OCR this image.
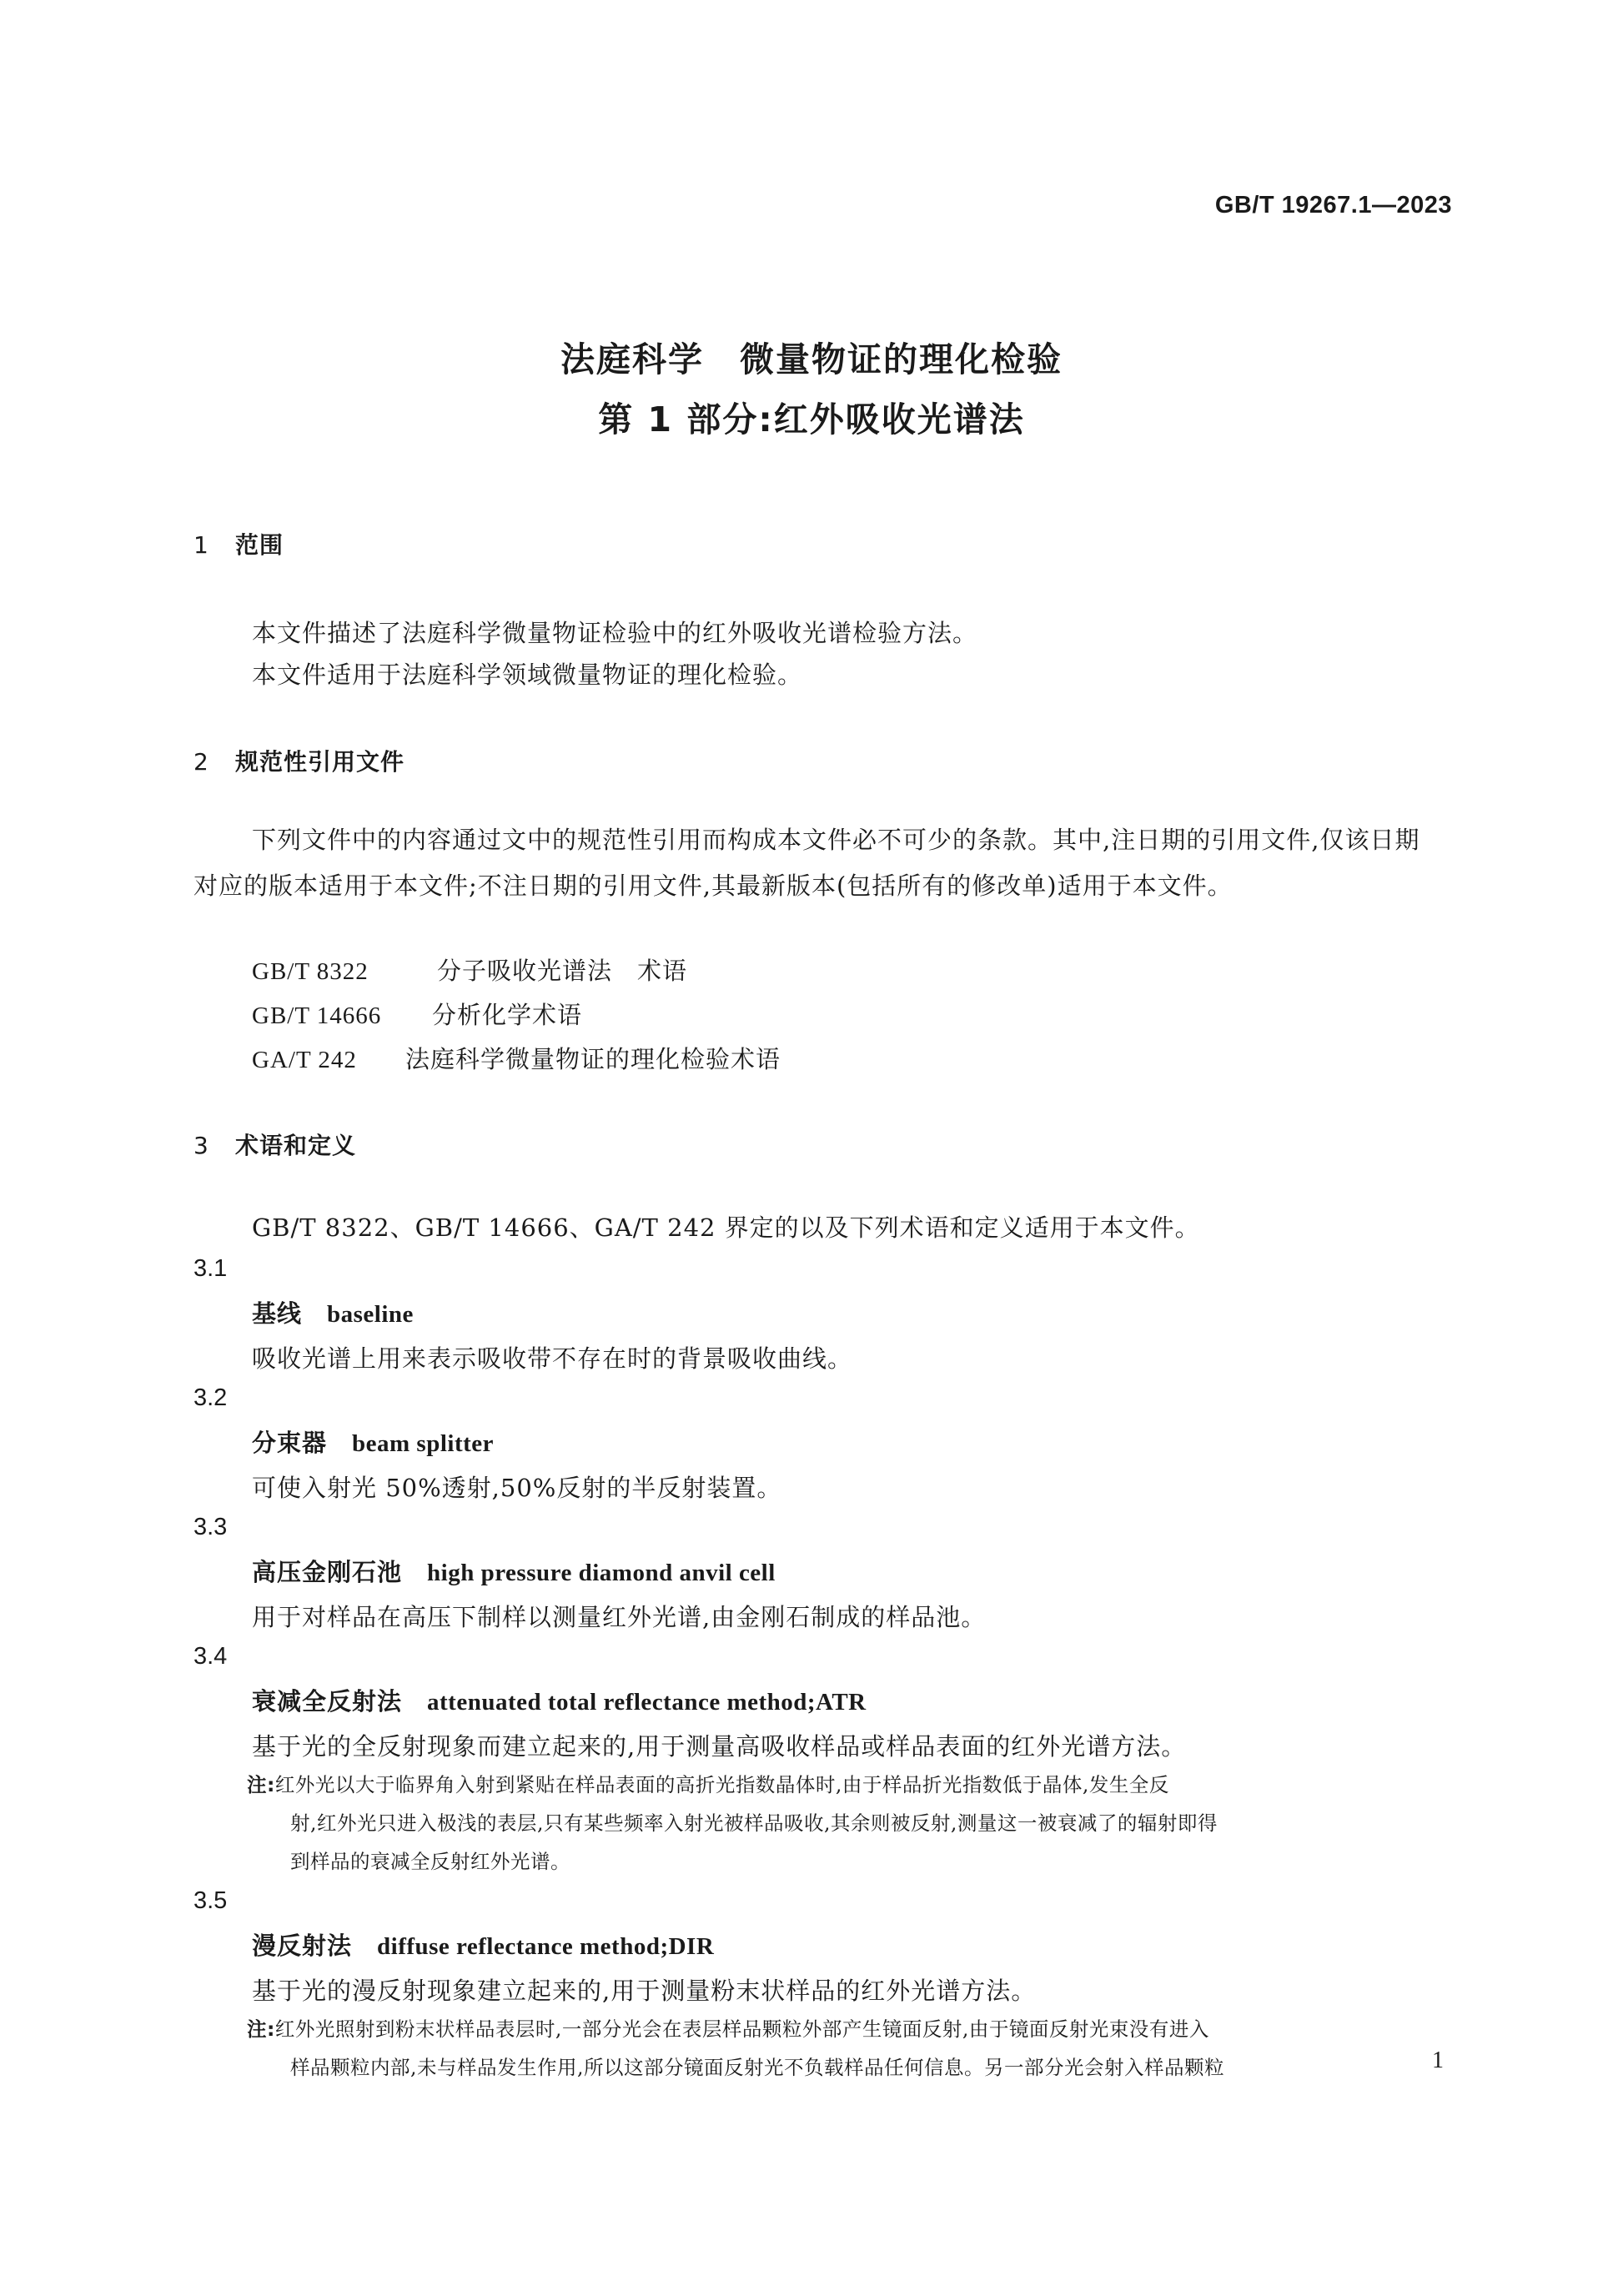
GB/T 19267.1—2023
法庭科学　微量物证的理化检验
第 1 部分:红外吸收光谱法
1 范围
本文件描述了法庭科学微量物证检验中的红外吸收光谱检验方法。
本文件适用于法庭科学领域微量物证的理化检验。
2 规范性引用文件
下列文件中的内容通过文中的规范性引用而构成本文件必不可少的条款。其中,注日期的引用文件,仅该日期对应的版本适用于本文件;不注日期的引用文件,其最新版本(包括所有的修改单)适用于本文件。
GB/T 8322	分子吸收光谱法　术语
GB/T 14666 分析化学术语
GA/T 242 法庭科学微量物证的理化检验术语
3 术语和定义
GB/T 8322、GB/T 14666、GA/T 242 界定的以及下列术语和定义适用于本文件。
3.1
基线 baseline
吸收光谱上用来表示吸收带不存在时的背景吸收曲线。
3.2
分束器 beam splitter
可使入射光 50%透射,50%反射的半反射装置。
3.3
高压金刚石池 high pressure diamond anvil cell
用于对样品在高压下制样以测量红外光谱,由金刚石制成的样品池。
3.4
衰减全反射法 attenuated total reflectance method;ATR
基于光的全反射现象而建立起来的,用于测量高吸收样品或样品表面的红外光谱方法。
注:红外光以大于临界角入射到紧贴在样品表面的高折光指数晶体时,由于样品折光指数低于晶体,发生全反
射,红外光只进入极浅的表层,只有某些频率入射光被样品吸收,其余则被反射,测量这一被衰减了的辐射即得
到样品的衰减全反射红外光谱。
3.5
漫反射法 diffuse reflectance method;DIR
基于光的漫反射现象建立起来的,用于测量粉末状样品的红外光谱方法。
注:红外光照射到粉末状样品表层时,一部分光会在表层样品颗粒外部产生镜面反射,由于镜面反射光束没有进入
样品颗粒内部,未与样品发生作用,所以这部分镜面反射光不负载样品任何信息。另一部分光会射入样品颗粒	1
